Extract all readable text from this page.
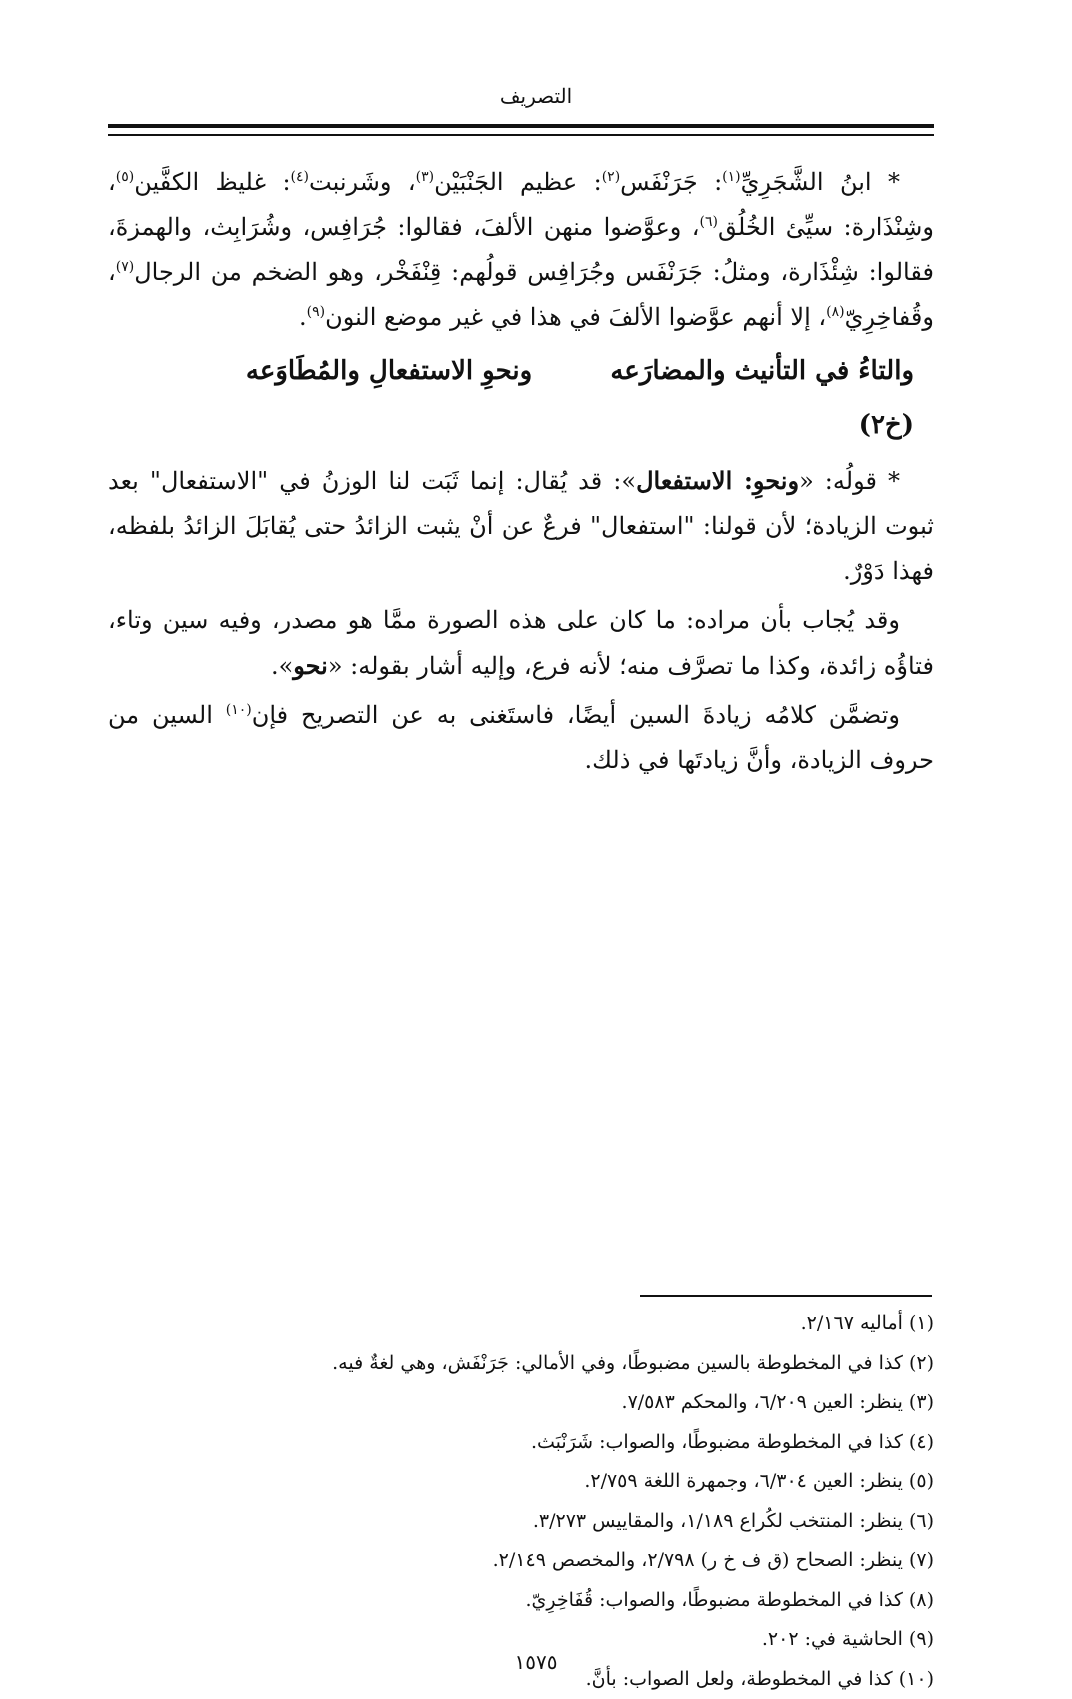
التصريف

* ابنُ الشَّجَرِيِّ$^{(١)}$: جَرَنْفَس$^{(٢)}$: عظيم الجَنْبَيْن$^{(٣)}$، وشَرنبت$^{(٤)}$: غليظ الكفَّين$^{(٥)}$، وشِنْذَارة: سيِّئ الخُلُق$^{(٦)}$، وعوَّضوا منهن الألفَ، فقالوا: جُرَافِس، وشُرَابِث، والهمزةَ، فقالوا: شِئْذَارة، ومثلُ: جَرَنْفَس وجُرَافِس قولُهم: قِنْفَخْر، وهو الضخم من الرجال$^{(٧)}$، وقُفاخِرِيّ$^{(٨)}$، إلا أنهم عوَّضوا الألفَ في هذا في غير موضع النون$^{(٩)}$.

والتاءُ في التأنيث والمضارَعه  ونحوِ الاستفعالِ والمُطَاوَعه
(خ٢)

* قولُه: «ونحوِ: الاستفعال»: قد يُقال: إنما ثَبَت لنا الوزنُ في "الاستفعال" بعد ثبوت الزيادة؛ لأن قولنا: "استفعال" فرعٌ عن أنْ يثبت الزائدُ حتى يُقابَلَ الزائدُ بلفظه، فهذا دَوْرٌ.

وقد يُجاب بأن مراده: ما كان على هذه الصورة ممَّا هو مصدر، وفيه سين وتاء، فتاؤُه زائدة، وكذا ما تصرَّف منه؛ لأنه فرع، وإليه أشار بقوله: «نحو».

وتضمَّن كلامُه زيادةَ السين أيضًا، فاستَغنى به عن التصريح فإن$^{(١٠)}$ السين من حروف الزيادة، وأنَّ زيادتَها في ذلك.

(١) أماليه ٢/١٦٧.
(٢) كذا في المخطوطة بالسين مضبوطًا، وفي الأمالي: جَرَنْفَش، وهي لغةٌ فيه.
(٣) ينظر: العين ٦/٢٠٩، والمحكم ٧/٥٨٣.
(٤) كذا في المخطوطة مضبوطًا، والصواب: شَرَنْبَث.
(٥) ينظر: العين ٦/٣٠٤، وجمهرة اللغة ٢/٧٥٩.
(٦) ينظر: المنتخب لكُراع ١/١٨٩، والمقاييس ٣/٢٧٣.
(٧) ينظر: الصحاح (ق ف خ ر) ٢/٧٩٨، والمخصص ٢/١٤٩.
(٨) كذا في المخطوطة مضبوطًا، والصواب: قُفَاخِرِيّ.
(٩) الحاشية في: ٢٠٢.
(١٠) كذا في المخطوطة، ولعل الصواب: بأنَّ.
١٥٧٥
